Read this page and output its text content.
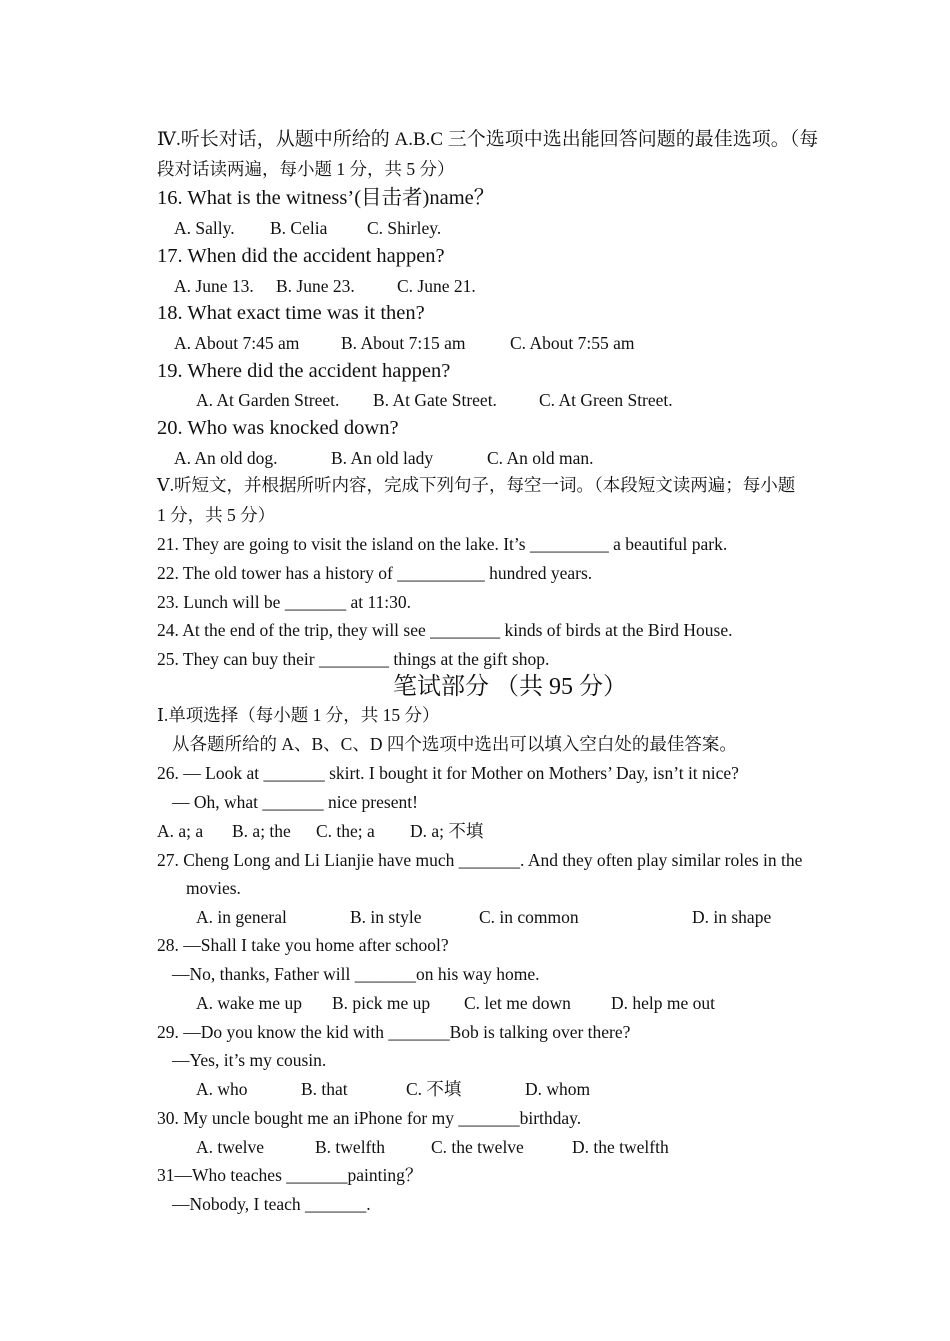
Ⅳ.听长对话，从题中所给的 A.B.C 三个选项中选出能回答问题的最佳选项。（每
段对话读两遍，每小题 1 分，共 5 分）
16. What is the witness’(目击者)name？
A. Sally. B. Celia C. Shirley.
17. When did the accident happen?
A. June 13. B. June 23. C. June 21.
18. What exact time was it then?
A. About 7:45 am B. About 7:15 am	C. About 7:55 am
19. Where did the accident happen?
A. At Garden Street. B. At Gate Street. C. At Green Street.
20. Who was knocked down?
A. An old dog.	B. An old lady	C. An old man.
Ⅴ.听短文，并根据所听内容，完成下列句子，每空一词。（本段短文读两遍；每小题
1 分，共 5 分）
21. They are going to visit the island on the lake. It’s _________ a beautiful park.
22. The old tower has a history of __________ hundred years.
23. Lunch will be _______ at 11:30.
24. At the end of the trip, they will see ________ kinds of birds at the Bird House.
25. They can buy their ________ things at the gift shop.
笔试部分 （共 95 分）
Ⅰ.单项选择（每小题 1 分，共 15 分）
从各题所给的 A、B、C、D 四个选项中选出可以填入空白处的最佳答案。
26. — Look at _______ skirt. I bought it for Mother on Mothers’ Day, isn’t it nice?
— Oh, what _______ nice present!
A. a; a B. a; the C. the; a D. a; 不填
27. Cheng Long and Li Lianjie have much _______. And they often play similar roles in the
movies.
A. in general	B. in style	C. in common	D. in shape
28. —Shall I take you home after school?
—No, thanks, Father will _______on his way home.
A. wake me up B. pick me up C. let me down D. help me out
29. —Do you know the kid with _______Bob is talking over there?
—Yes, it’s my cousin.
A. who	B. that	C. 不填	D. whom
30. My uncle bought me an iPhone for my _______birthday.
A. twelve	B. twelfth	C. the twelve	D. the twelfth
31—Who teaches _______painting？
—Nobody, I teach _______.
